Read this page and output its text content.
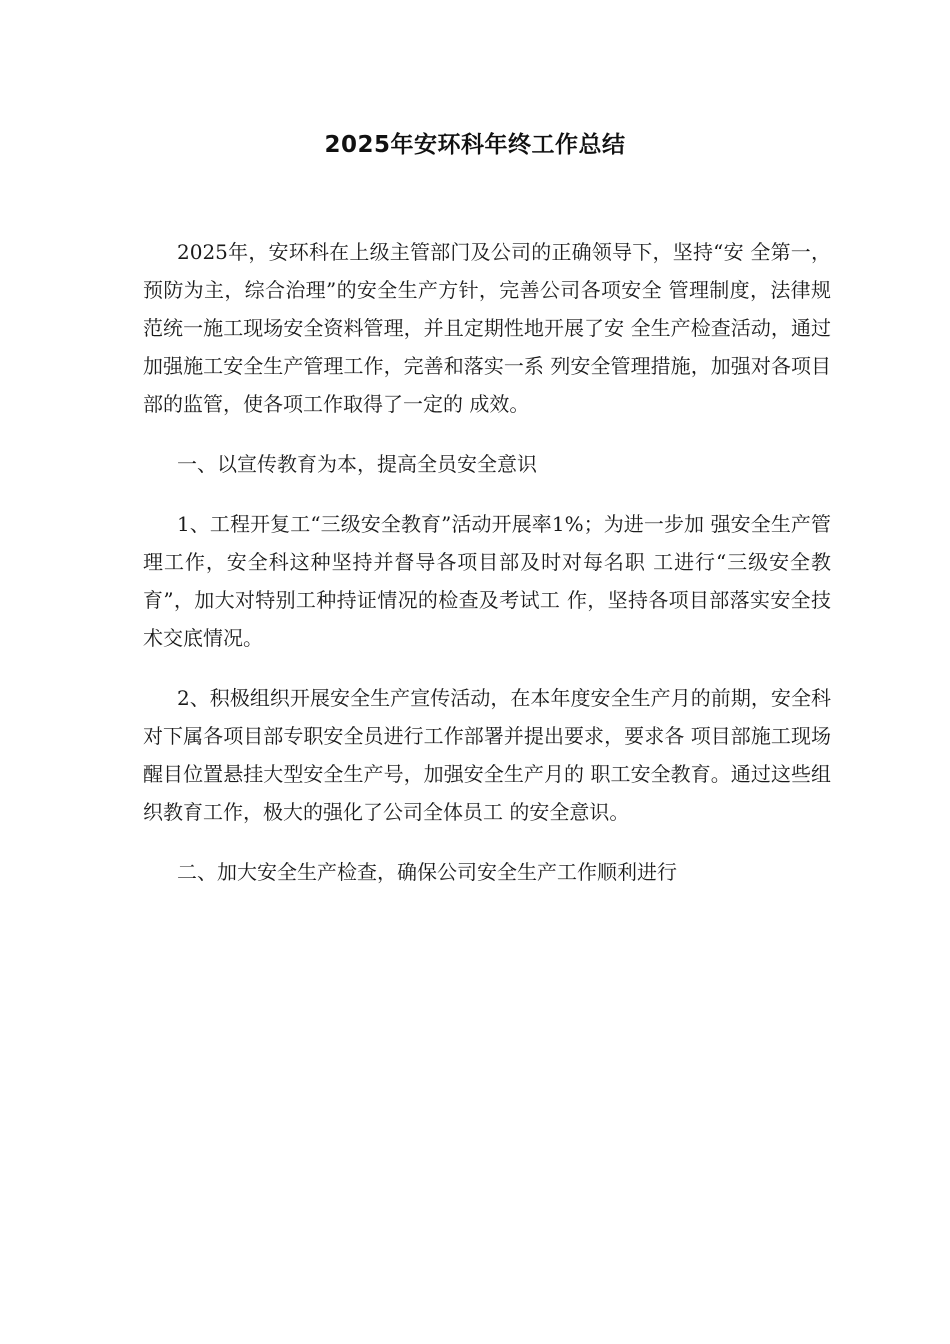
2025年安环科年终工作总结

2025年，安环科在上级主管部门及公司的正确领导下，坚持“安 全第一，预防为主，综合治理”的安全生产方针，完善公司各项安全 管理制度，法律规范统一施工现场安全资料管理，并且定期性地开展了安 全生产检查活动，通过加强施工安全生产管理工作，完善和落实一系 列安全管理措施，加强对各项目部的监管，使各项工作取得了一定的 成效。

一、以宣传教育为本，提高全员安全意识

1、工程开复工“三级安全教育”活动开展率1%；为进一步加 强安全生产管理工作，安全科这种坚持并督导各项目部及时对每名职 工进行“三级安全教育”，加大对特别工种持证情况的检查及考试工 作，坚持各项目部落实安全技术交底情况。

2、积极组织开展安全生产宣传活动，在本年度安全生产月的前期，安全科对下属各项目部专职安全员进行工作部署并提出要求，要求各 项目部施工现场醒目位置悬挂大型安全生产号，加强安全生产月的 职工安全教育。通过这些组织教育工作，极大的强化了公司全体员工 的安全意识。

二、加大安全生产检查，确保公司安全生产工作顺利进行
